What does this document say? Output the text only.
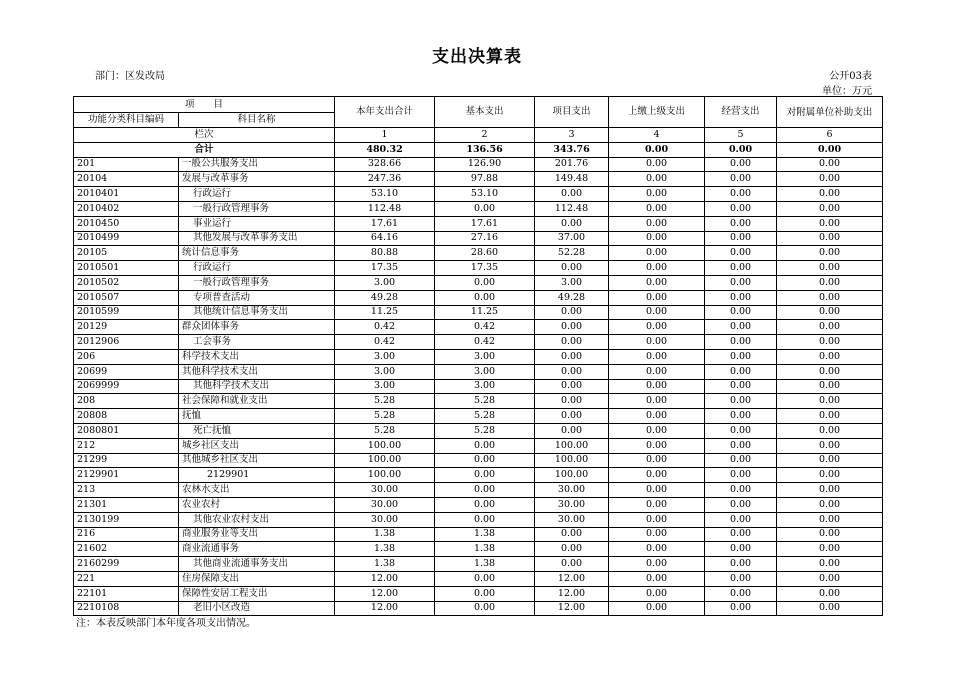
支出决算表
部门：区发改局	公开03表
单位：万元
项　　目		本年支出合计	基本支出	项目支出	上缴上级支出	经营支出	对附属单位补助支出
功能分类科目编码	科目名称						
栏次		1	2	3	4	5	6
合计		480.32	136.56	343.76	0.00	0.00	0.00
201	一般公共服务支出	328.66	126.90	201.76	0.00	0.00	0.00
20104	发展与改革事务	247.36	97.88	149.48	0.00	0.00	0.00
2010401	行政运行	53.10	53.10	0.00	0.00	0.00	0.00
2010402	一般行政管理事务	112.48	0.00	112.48	0.00	0.00	0.00
2010450	事业运行	17.61	17.61	0.00	0.00	0.00	0.00
2010499	其他发展与改革事务支出	64.16	27.16	37.00	0.00	0.00	0.00
20105	统计信息事务	80.88	28.60	52.28	0.00	0.00	0.00
2010501	行政运行	17.35	17.35	0.00	0.00	0.00	0.00
2010502	一般行政管理事务	3.00	0.00	3.00	0.00	0.00	0.00
2010507	专项普查活动	49.28	0.00	49.28	0.00	0.00	0.00
2010599	其他统计信息事务支出	11.25	11.25	0.00	0.00	0.00	0.00
20129	群众团体事务	0.42	0.42	0.00	0.00	0.00	0.00
2012906	工会事务	0.42	0.42	0.00	0.00	0.00	0.00
206	科学技术支出	3.00	3.00	0.00	0.00	0.00	0.00
20699	其他科学技术支出	3.00	3.00	0.00	0.00	0.00	0.00
2069999	其他科学技术支出	3.00	3.00	0.00	0.00	0.00	0.00
208	社会保障和就业支出	5.28	5.28	0.00	0.00	0.00	0.00
20808	抚恤	5.28	5.28	0.00	0.00	0.00	0.00
2080801	死亡抚恤	5.28	5.28	0.00	0.00	0.00	0.00
212	城乡社区支出	100.00	0.00	100.00	0.00	0.00	0.00
21299	其他城乡社区支出	100.00	0.00	100.00	0.00	0.00	0.00
2129901	2129901	100.00	0.00	100.00	0.00	0.00	0.00
213	农林水支出	30.00	0.00	30.00	0.00	0.00	0.00
21301	农业农村	30.00	0.00	30.00	0.00	0.00	0.00
2130199	其他农业农村支出	30.00	0.00	30.00	0.00	0.00	0.00
216	商业服务业等支出	1.38	1.38	0.00	0.00	0.00	0.00
21602	商业流通事务	1.38	1.38	0.00	0.00	0.00	0.00
2160299	其他商业流通事务支出	1.38	1.38	0.00	0.00	0.00	0.00
221	住房保障支出	12.00	0.00	12.00	0.00	0.00	0.00
22101	保障性安居工程支出	12.00	0.00	12.00	0.00	0.00	0.00
2210108	老旧小区改造	12.00	0.00	12.00	0.00	0.00	0.00
注：本表反映部门本年度各项支出情况。
